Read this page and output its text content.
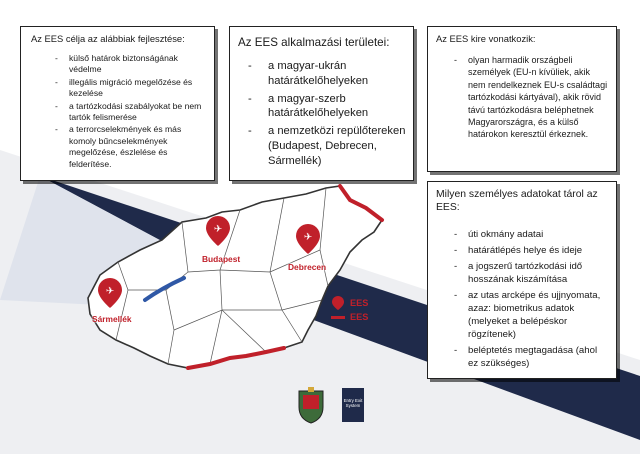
Az EES célja az alábbiak fejlesztése:
- külső határok biztonságának védelme
- illegális migráció megelőzése és kezelése
- a tartózkodási szabályokat be nem tartók felismerése
- a terrorcselekmények és más komoly bűncselekmények megelőzése, észlelése és felderítése.
Az EES alkalmazási területei:
- a magyar-ukrán határátkelőhelyeken
- a magyar-szerb határátkelőhelyeken
- a nemzetközi repülőtereken (Budapest, Debrecen, Sármellék)
Az EES kire vonatkozik:
- olyan harmadik országbeli személyek (EU-n kívüliek, akik nem rendelkeznek EU-s családtagi tartózkodási kártyával), akik rövid távú tartózkodásra beléphetnek Magyarországra, és a külső határokon keresztül érkeznek.
Milyen személyes adatokat tárol az EES:
- úti okmány adatai
- határátlépés helye és ideje
- a jogszerű tartózkodási idő hosszának kiszámítása
- az utas arcképe és ujjnyomata, azaz: biometrikus adatok (melyeket a belépéskor rögzítenek)
- beléptetés megtagadása (ahol ez szükséges)
✈
✈
✈
Budapest
Debrecen
Sármellék
EES
EES
Entry Exit System
